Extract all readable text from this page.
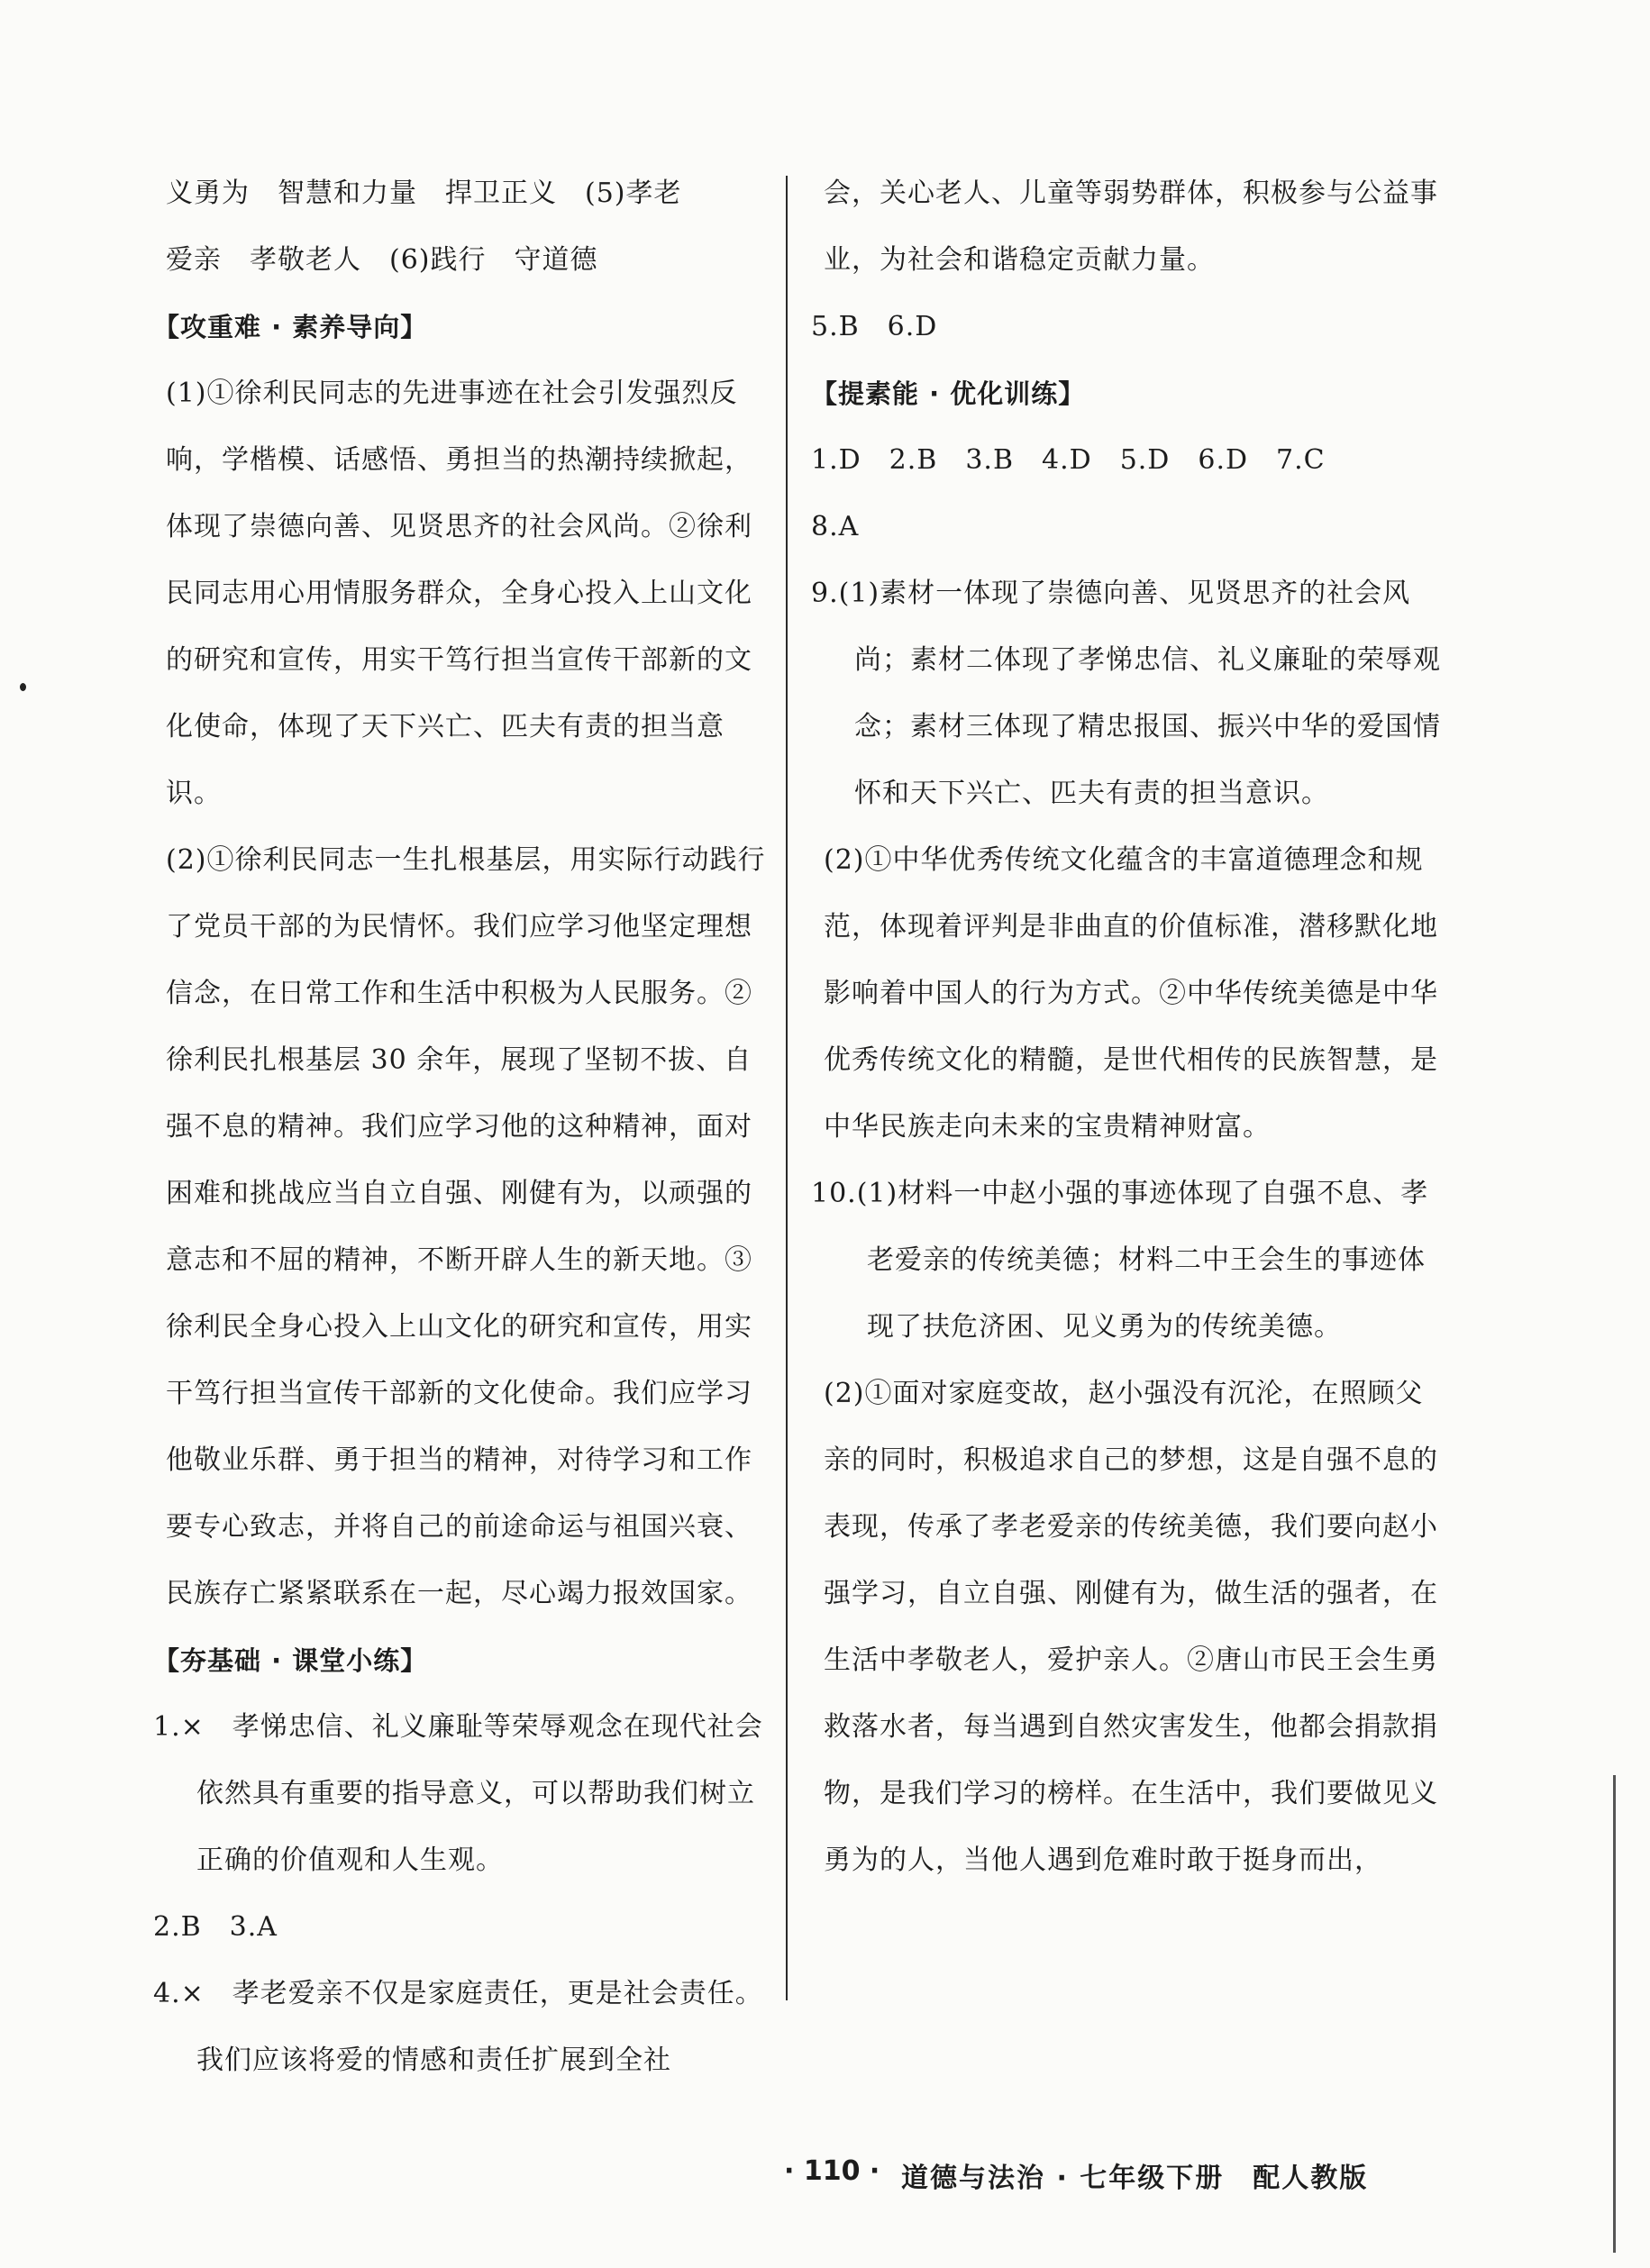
义勇为　智慧和力量　捍卫正义　(5)孝老

爱亲　孝敬老人　(6)践行　守道德

【攻重难 · 素养导向】

(1)①徐利民同志的先进事迹在社会引发强烈反响，学楷模、话感悟、勇担当的热潮持续掀起，体现了崇德向善、见贤思齐的社会风尚。②徐利民同志用心用情服务群众，全身心投入上山文化的研究和宣传，用实干笃行担当宣传干部新的文化使命，体现了天下兴亡、匹夫有责的担当意识。

(2)①徐利民同志一生扎根基层，用实际行动践行了党员干部的为民情怀。我们应学习他坚定理想信念，在日常工作和生活中积极为人民服务。②徐利民扎根基层 30 余年，展现了坚韧不拔、自强不息的精神。我们应学习他的这种精神，面对困难和挑战应当自立自强、刚健有为，以顽强的意志和不屈的精神，不断开辟人生的新天地。③徐利民全身心投入上山文化的研究和宣传，用实干笃行担当宣传干部新的文化使命。我们应学习他敬业乐群、勇于担当的精神，对待学习和工作要专心致志，并将自己的前途命运与祖国兴衰、民族存亡紧紧联系在一起，尽心竭力报效国家。

【夯基础 · 课堂小练】

1.×　孝悌忠信、礼义廉耻等荣辱观念在现代社会依然具有重要的指导意义，可以帮助我们树立正确的价值观和人生观。

2.B　3.A

4.×　孝老爱亲不仅是家庭责任，更是社会责任。我们应该将爱的情感和责任扩展到全社

会，关心老人、儿童等弱势群体，积极参与公益事业，为社会和谐稳定贡献力量。

5.B　6.D

【提素能 · 优化训练】

1.D　2.B　3.B　4.D　5.D　6.D　7.C

8.A

9.(1)素材一体现了崇德向善、见贤思齐的社会风尚；素材二体现了孝悌忠信、礼义廉耻的荣辱观念；素材三体现了精忠报国、振兴中华的爱国情怀和天下兴亡、匹夫有责的担当意识。

(2)①中华优秀传统文化蕴含的丰富道德理念和规范，体现着评判是非曲直的价值标准，潜移默化地影响着中国人的行为方式。②中华传统美德是中华优秀传统文化的精髓，是世代相传的民族智慧，是中华民族走向未来的宝贵精神财富。

10.(1)材料一中赵小强的事迹体现了自强不息、孝老爱亲的传统美德；材料二中王会生的事迹体现了扶危济困、见义勇为的传统美德。

(2)①面对家庭变故，赵小强没有沉沦，在照顾父亲的同时，积极追求自己的梦想，这是自强不息的表现，传承了孝老爱亲的传统美德，我们要向赵小强学习，自立自强、刚健有为，做生活的强者，在生活中孝敬老人，爱护亲人。②唐山市民王会生勇救落水者，每当遇到自然灾害发生，他都会捐款捐物，是我们学习的榜样。在生活中，我们要做见义勇为的人，当他人遇到危难时敢于挺身而出，

· 110 · 道德与法治 · 七年级下册　配人教版
